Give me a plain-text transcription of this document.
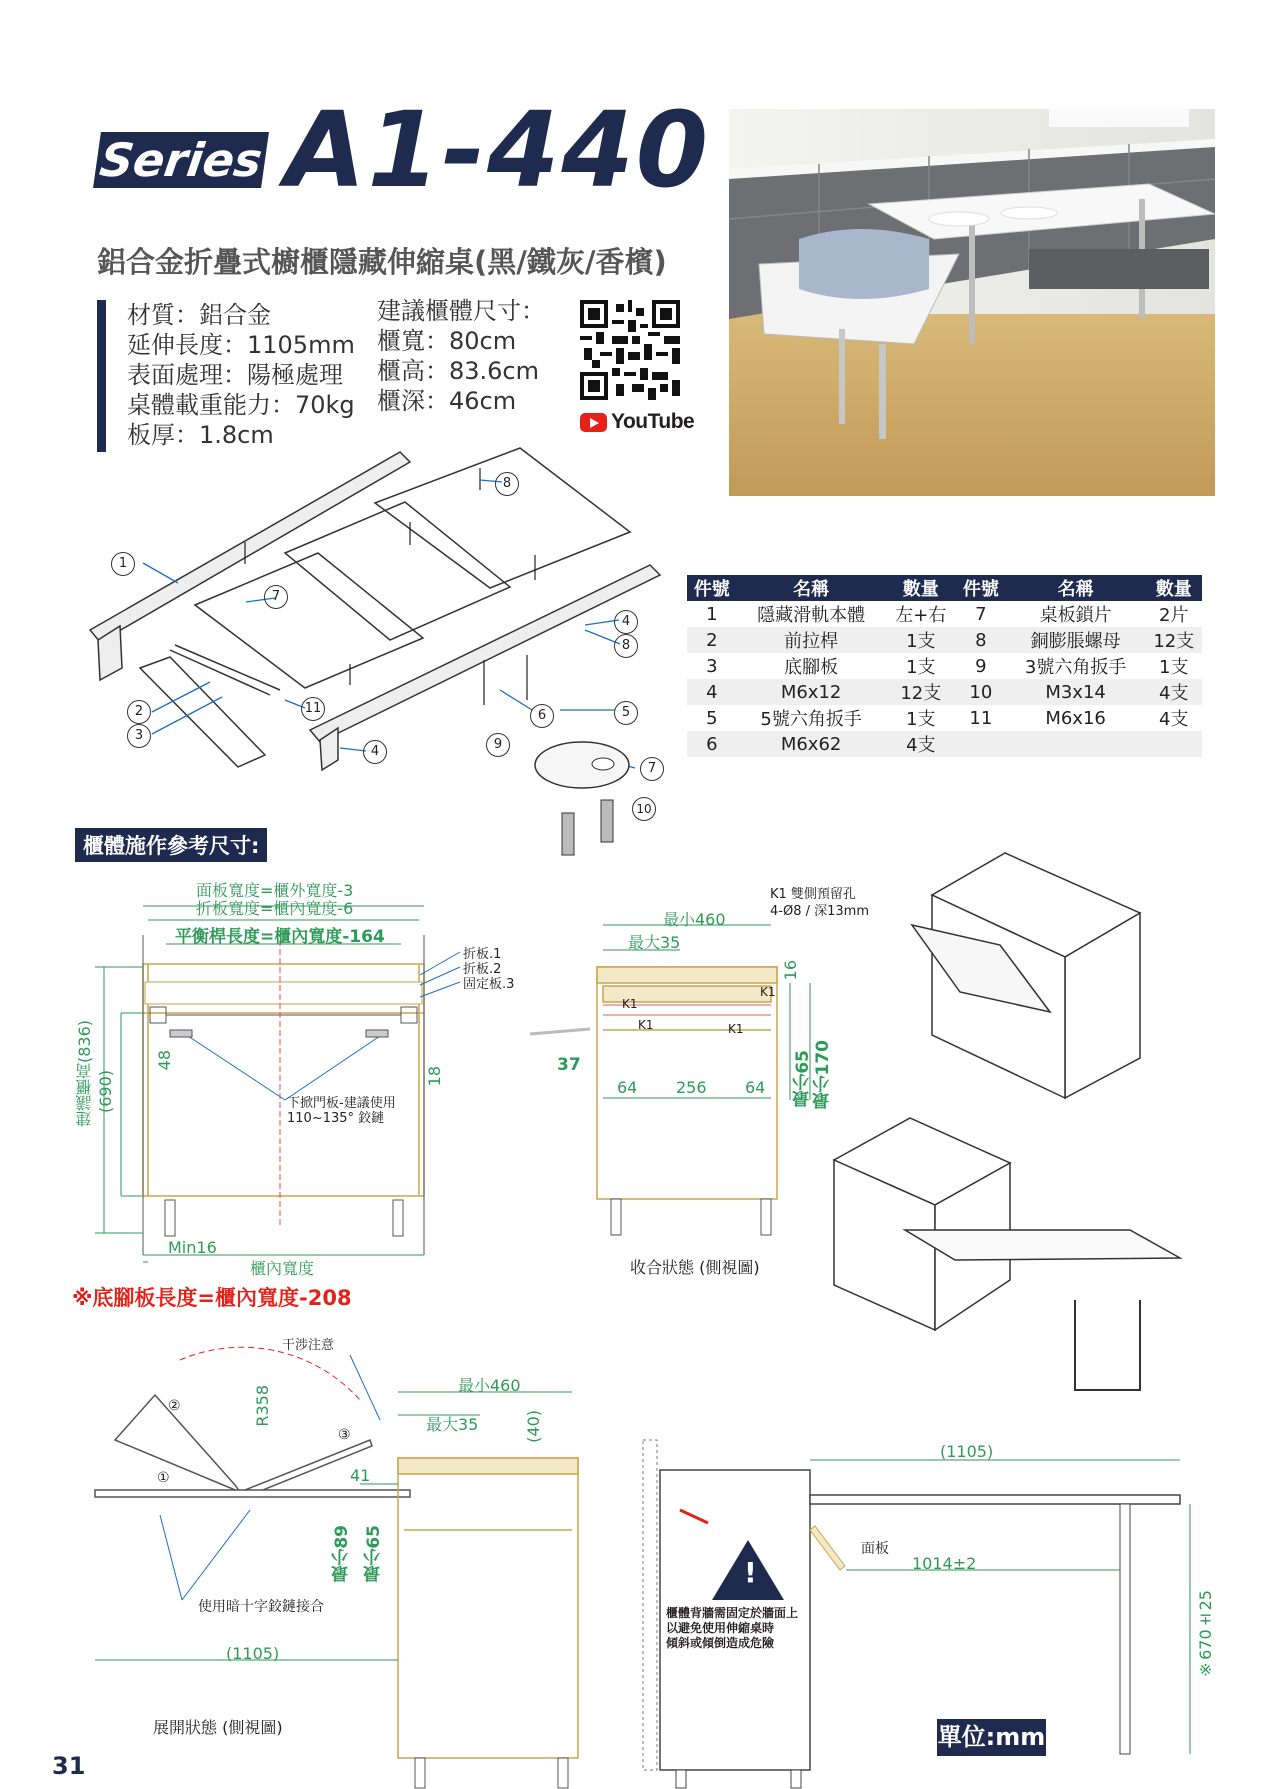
Series A1-440
鋁合金折疊式櫥櫃隱藏伸縮桌(黑/鐵灰/香檳)
材質：鋁合金
延伸長度：1105mm
表面處理：陽極處理
桌體載重能力：70kg
板厚：1.8cm
建議櫃體尺寸：
櫃寬：80cm
櫃高：83.6cm
櫃深：46cm
YouTube
1
7
8
2
3
11
4
6	5
4
8
9
7
10
件號	名稱	數量	件號	名稱	數量
1	隱藏滑軌本體	左+右	7	桌板鎖片	2片
2	前拉桿	1支	8	銅膨脹螺母	12支
3	底腳板	1支	9	3號六角扳手	1支
4	M6x12	12支	10	M3x14	4支
5	5號六角扳手	1支	11	M6x16	4支
6	M6x62	4支			
櫃體施作參考尺寸:
面板寬度=櫃外寬度-3
折板寬度=櫃內寬度-6
平衡桿長度=櫃內寬度-164
折板.1
折板.2
固定板.3
48
18
建議櫃高(836) (690)	下掀門板-建議使用
110~135° 鉸鏈
Min16
櫃內寬度
※底腳板長度=櫃內寬度-208
K1 雙側預留孔
4-Ø8 / 深13mm
最小460
最大35
16
K1
K1
K1	K1
37
64 256 64 最小65 最小170
收合狀態 (側視圖)
干涉注意
R358	最小460
最大35	(40)
41
最小89 最小65
使用暗十字鉸鏈接合
(1105)
展開狀態 (側視圖)
①
②
③
!
(1105)
面板
1014±2
※670±25
櫃體背牆需固定於牆面上
以避免使用伸縮桌時
傾斜或傾倒造成危險
單位:mm
31
